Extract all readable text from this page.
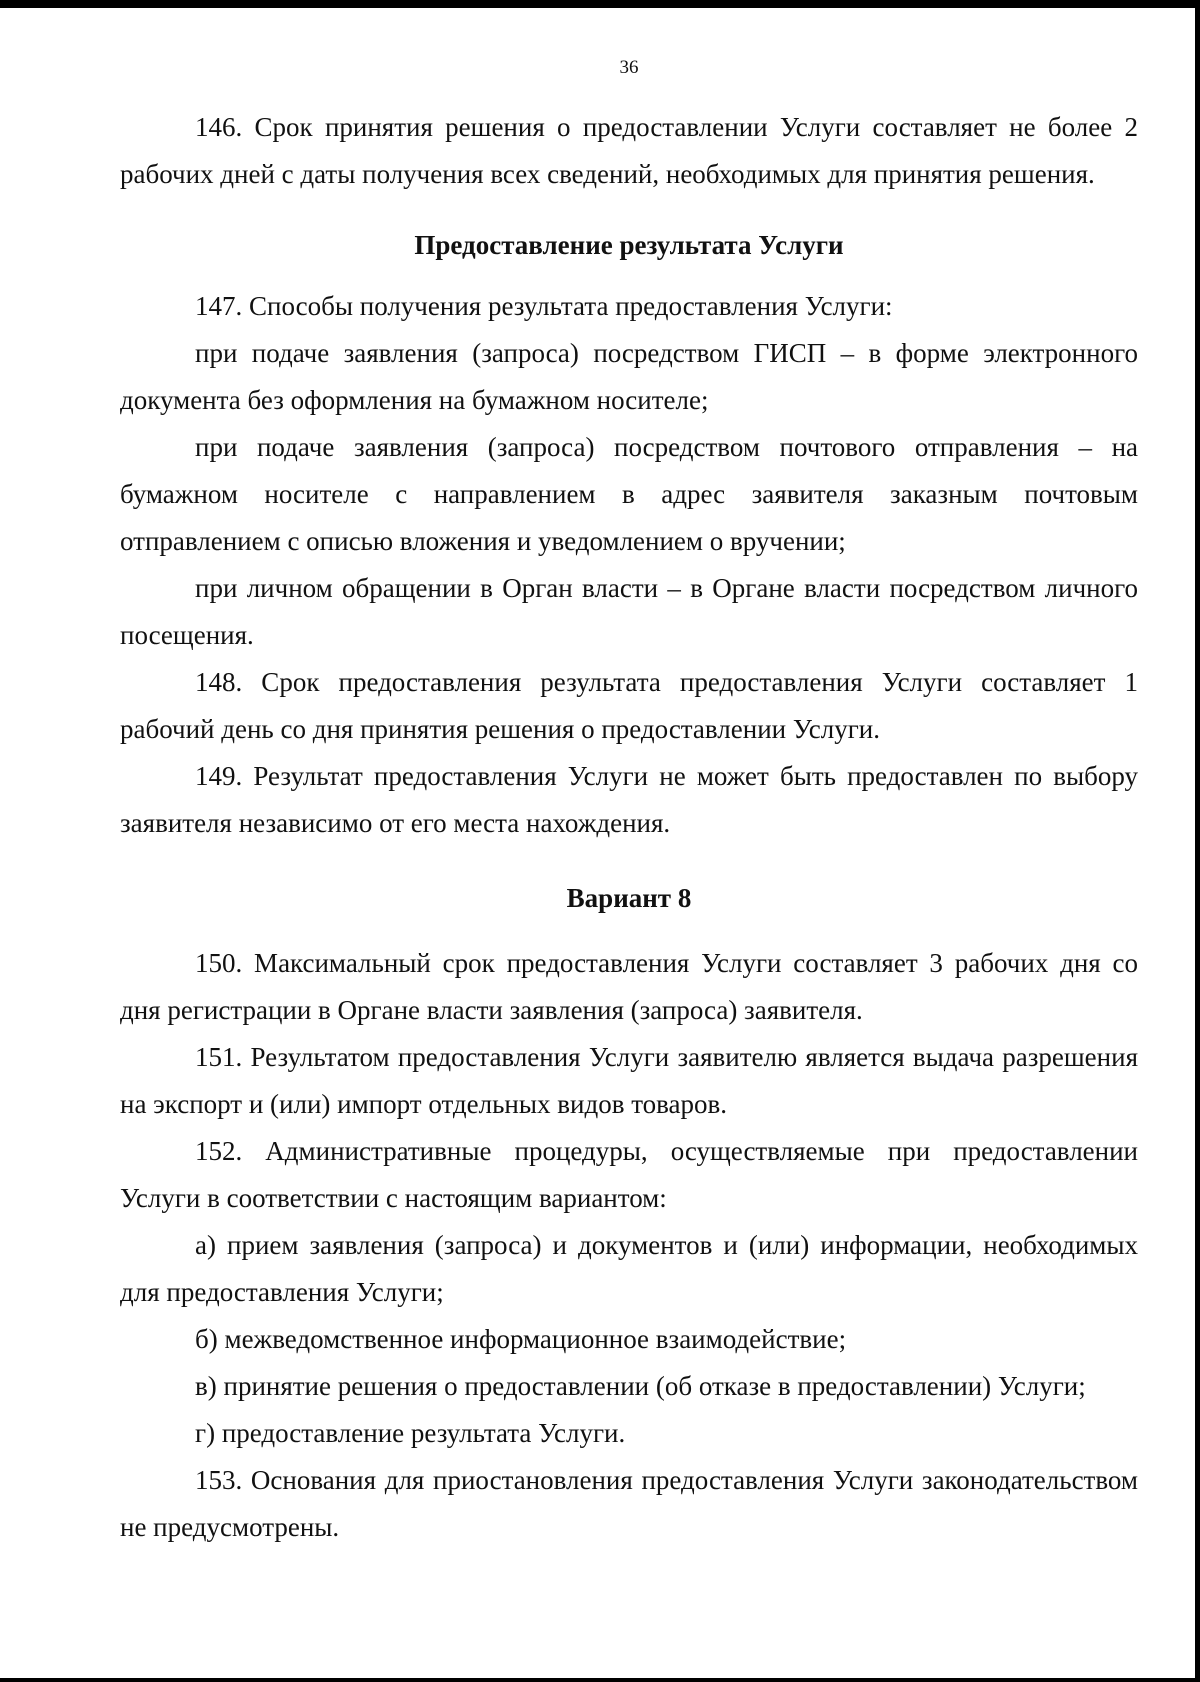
36

146. Срок принятия решения о предоставлении Услуги составляет не более 2 рабочих дней с даты получения всех сведений, необходимых для принятия решения.

Предоставление результата Услуги

147. Способы получения результата предоставления Услуги:

при подаче заявления (запроса) посредством ГИСП – в форме электронного документа без оформления на бумажном носителе;

при подаче заявления (запроса) посредством почтового отправления – на бумажном носителе с направлением в адрес заявителя заказным почтовым отправлением с описью вложения и уведомлением о вручении;

при личном обращении в Орган власти – в Органе власти посредством личного посещения.

148. Срок предоставления результата предоставления Услуги составляет 1 рабочий день со дня принятия решения о предоставлении Услуги.

149. Результат предоставления Услуги не может быть предоставлен по выбору заявителя независимо от его места нахождения.

Вариант 8

150. Максимальный срок предоставления Услуги составляет 3 рабочих дня со дня регистрации в Органе власти заявления (запроса) заявителя.

151. Результатом предоставления Услуги заявителю является выдача разрешения на экспорт и (или) импорт отдельных видов товаров.

152. Административные процедуры, осуществляемые при предоставлении Услуги в соответствии с настоящим вариантом:

а) прием заявления (запроса) и документов и (или) информации, необходимых для предоставления Услуги;

б) межведомственное информационное взаимодействие;

в) принятие решения о предоставлении (об отказе в предоставлении) Услуги;

г) предоставление результата Услуги.

153. Основания для приостановления предоставления Услуги законодательством не предусмотрены.
